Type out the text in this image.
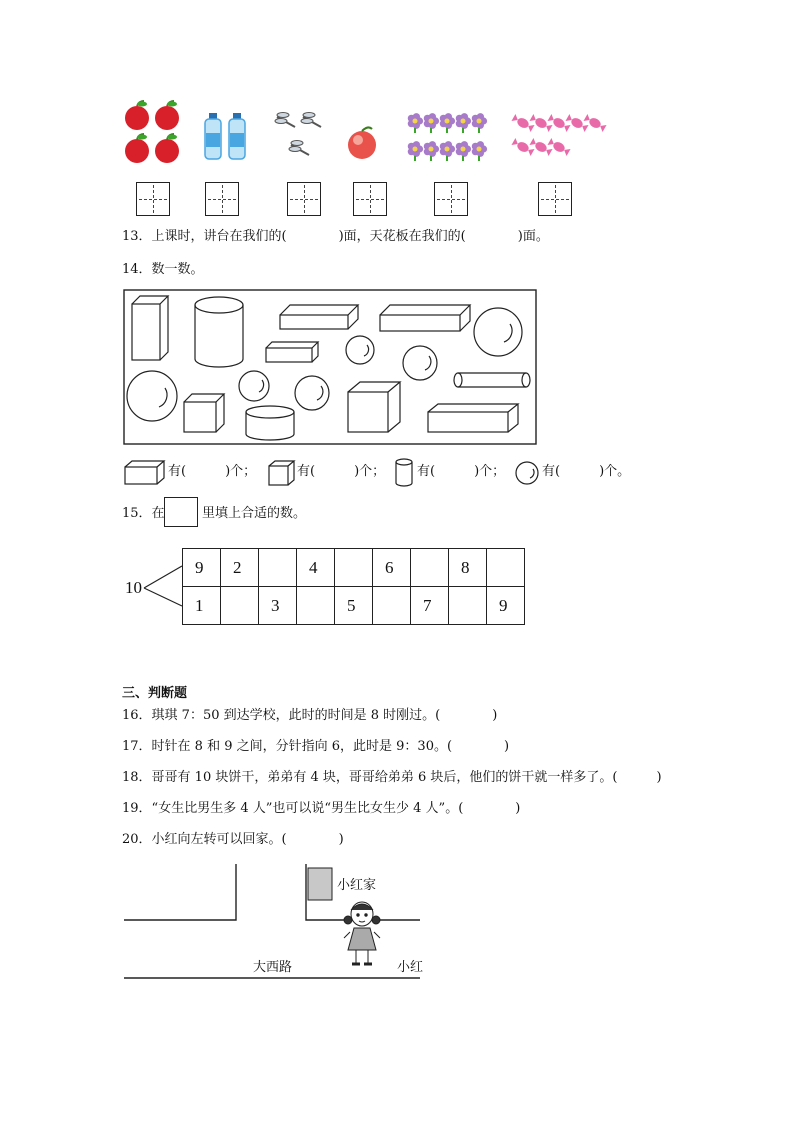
13．上课时，讲台在我们的(　　　　)面，天花板在我们的(　　　　)面。
14．数一数。
有(　　　)个；	有(　　　)个； 有(　　　)个；	有(　　　)个。
15．在	里填上合适的数。
10
9	2		4		6		8	
1		3		5		7		9
三、判断题
16．琪琪 7：50 到达学校，此时的时间是 8 时刚过。(　　　　)
17．时针在 8 和 9 之间，分针指向 6，此时是 9：30。(　　　　)
18．哥哥有 10 块饼干，弟弟有 4 块，哥哥给弟弟 6 块后，他们的饼干就一样多了。(　　　)
19．“女生比男生多 4 人”也可以说“男生比女生少 4 人”。(　　　　)
20．小红向左转可以回家。(　　　　)
小红家
大西路	小红
